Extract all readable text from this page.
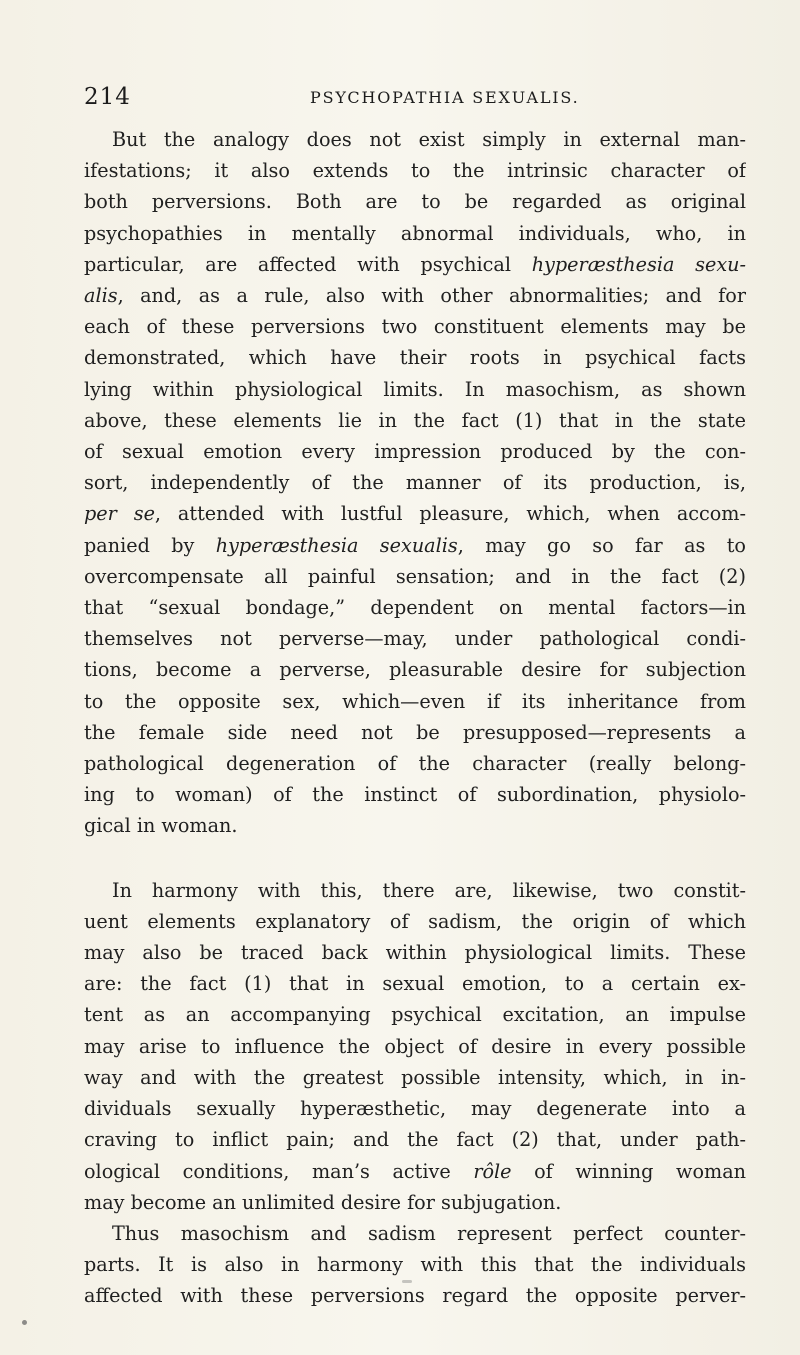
214	PSYCHOPATHIA SEXUALIS.
But the analogy does not exist simply in external man-
ifestations; it also extends to the intrinsic character of
both perversions. Both are to be regarded as original
psychopathies in mentally abnormal individuals, who, in
particular, are affected with psychical hyperæsthesia sexu-
alis, and, as a rule, also with other abnormalities; and for
each of these perversions two constituent elements may be
demonstrated, which have their roots in psychical facts
lying within physiological limits. In masochism, as shown
above, these elements lie in the fact (1) that in the state
of sexual emotion every impression produced by the con-
sort, independently of the manner of its production, is,
per se, attended with lustful pleasure, which, when accom-
panied by hyperæsthesia sexualis, may go so far as to
overcompensate all painful sensation; and in the fact (2)
that “sexual bondage,” dependent on mental factors—in
themselves not perverse—may, under pathological condi-
tions, become a perverse, pleasurable desire for subjection
to the opposite sex, which—even if its inheritance from
the female side need not be presupposed—represents a
pathological degeneration of the character (really belong-
ing to woman) of the instinct of subordination, physiolo-
gical in woman.
In harmony with this, there are, likewise, two constit-
uent elements explanatory of sadism, the origin of which
may also be traced back within physiological limits. These
are: the fact (1) that in sexual emotion, to a certain ex-
tent as an accompanying psychical excitation, an impulse
may arise to influence the object of desire in every possible
way and with the greatest possible intensity, which, in in-
dividuals sexually hyperæsthetic, may degenerate into a
craving to inflict pain; and the fact (2) that, under path-
ological conditions, man’s active rôle of winning woman
may become an unlimited desire for subjugation.
Thus masochism and sadism represent perfect counter-
parts. It is also in harmony with this that the individuals
affected with these perversions regard the opposite perver-
